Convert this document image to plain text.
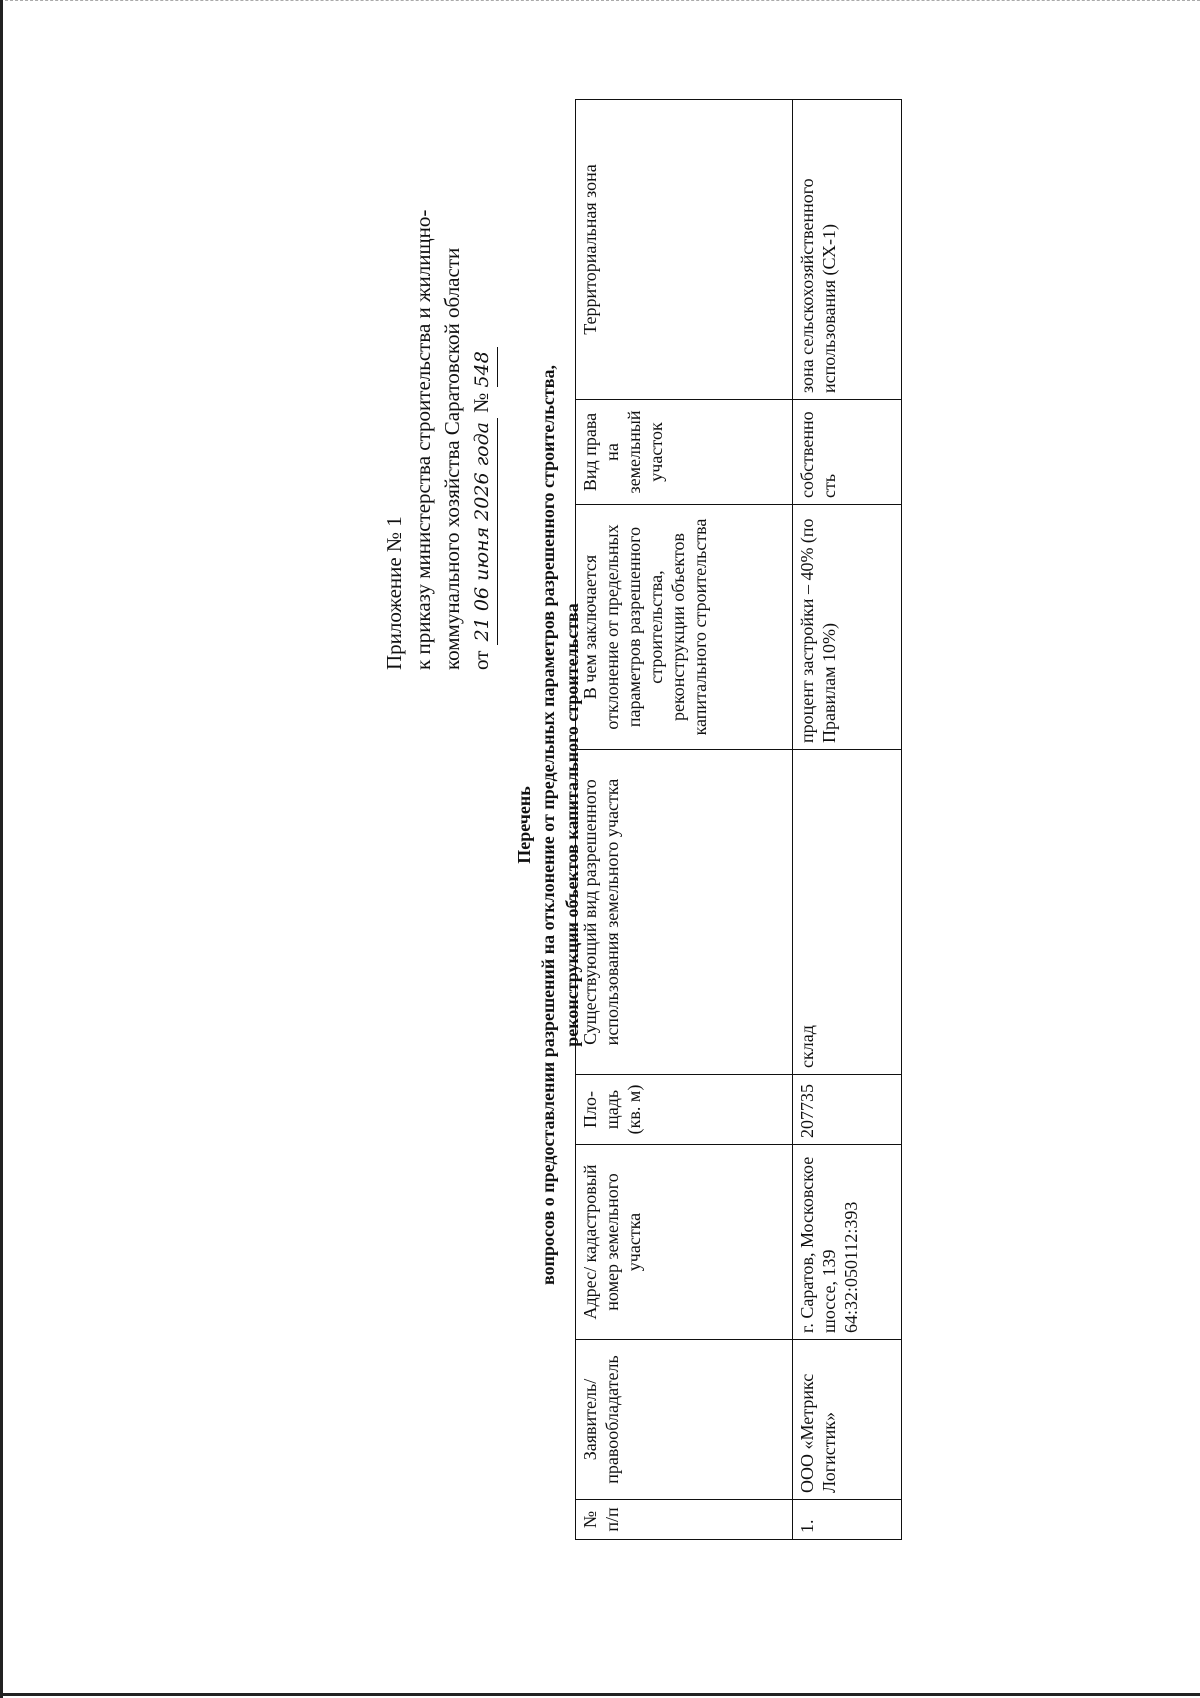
Приложение № 1 к приказу министерства строительства и жилищно- коммунального хозяйства Саратовской области от 21 06 июня 2026 года № 548
Перечень вопросов о предоставлении разрешений на отклонение от предельных параметров разрешенного строительства, реконструкции объектов капитального строительства
№ п/п	Заявитель/ правообладатель	Адрес/ кадастровый номер земельного участка	Пло-щадь (кв. м)	Существующий вид разрешенного использования земельного участка	В чем заключается отклонение от предельных параметров разрешенного строительства, реконструкции объектов капитального строительства	Вид права на земельный участок	Территориальная зона
1.	ООО «Метрикс Логистик»	г. Саратов, Московское шоссе, 139 64:32:050112:393	207735	склад	процент застройки – 40% (по Правилам 10%)	собственность	зона сельскохозяйственного использования (СХ-1)
